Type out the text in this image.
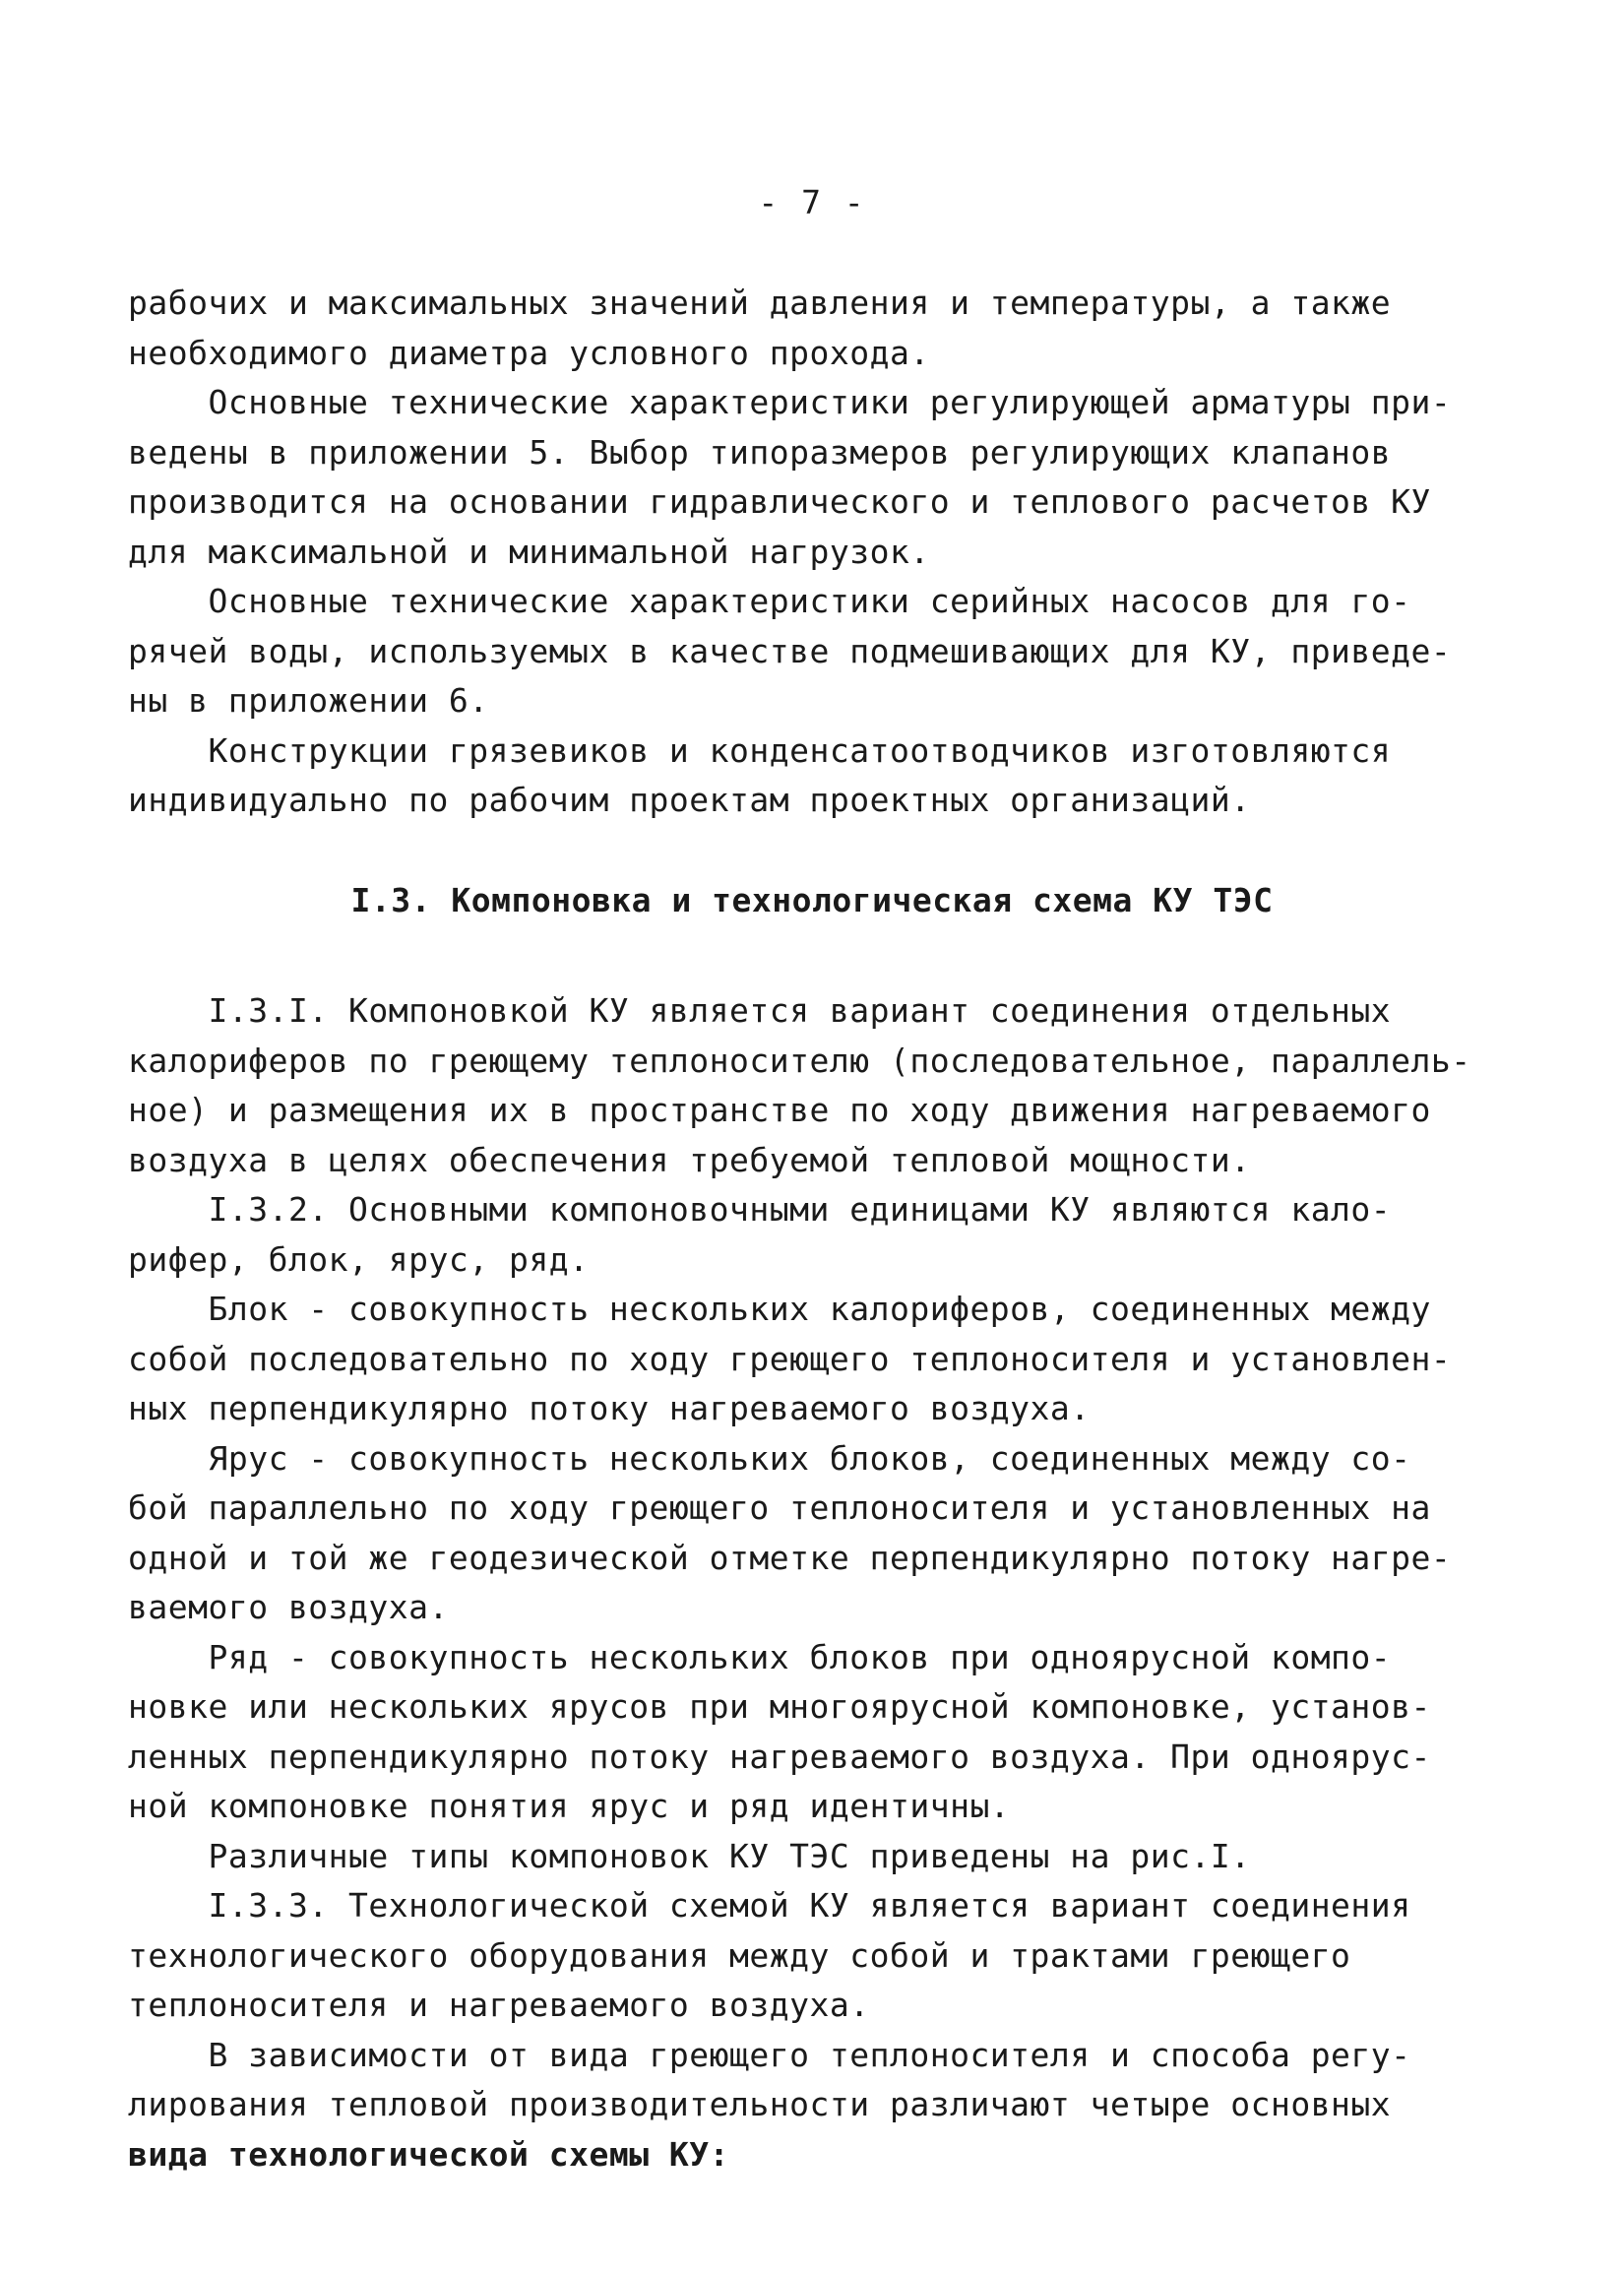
- 7 -
рабочих и максимальных значений давления и температуры, а также
необходимого диаметра условного прохода.
Основные технические характеристики регулирующей арматуры при-
ведены в приложении 5. Выбор типоразмеров регулирующих клапанов
производится на основании гидравлического и теплового расчетов КУ
для максимальной и минимальной нагрузок.
Основные технические характеристики серийных насосов для го-
рячей воды, используемых в качестве подмешивающих для КУ, приведе-
ны в приложении 6.
Конструкции грязевиков и конденсатоотводчиков изготовляются
индивидуально по рабочим проектам проектных организаций.
I.3. Компоновка и технологическая схема КУ ТЭС
I.3.I. Компоновкой КУ является вариант соединения отдельных
калориферов по греющему теплоносителю (последовательное, параллель-
ное) и размещения их в пространстве по ходу движения нагреваемого
воздуха в целях обеспечения требуемой тепловой мощности.
I.3.2. Основными компоновочными единицами КУ являются кало-
рифер, блок, ярус, ряд.
Блок - совокупность нескольких калориферов, соединенных между
собой последовательно по ходу греющего теплоносителя и установлен-
ных перпендикулярно потоку нагреваемого воздуха.
Ярус - совокупность нескольких блоков, соединенных между со-
бой параллельно по ходу греющего теплоносителя и установленных на
одной и той же геодезической отметке перпендикулярно потоку нагре-
ваемого воздуха.
Ряд - совокупность нескольких блоков при одноярусной компо-
новке или нескольких ярусов при многоярусной компоновке, установ-
ленных перпендикулярно потоку нагреваемого воздуха. При одноярус-
ной компоновке понятия ярус и ряд идентичны.
Различные типы компоновок КУ ТЭС приведены на рис.I.
I.3.3. Технологической схемой КУ является вариант соединения
технологического оборудования между собой и трактами греющего
теплоносителя и нагреваемого воздуха.
В зависимости от вида греющего теплоносителя и способа регу-
лирования тепловой производительности различают четыре основных
вида технологической схемы КУ:
